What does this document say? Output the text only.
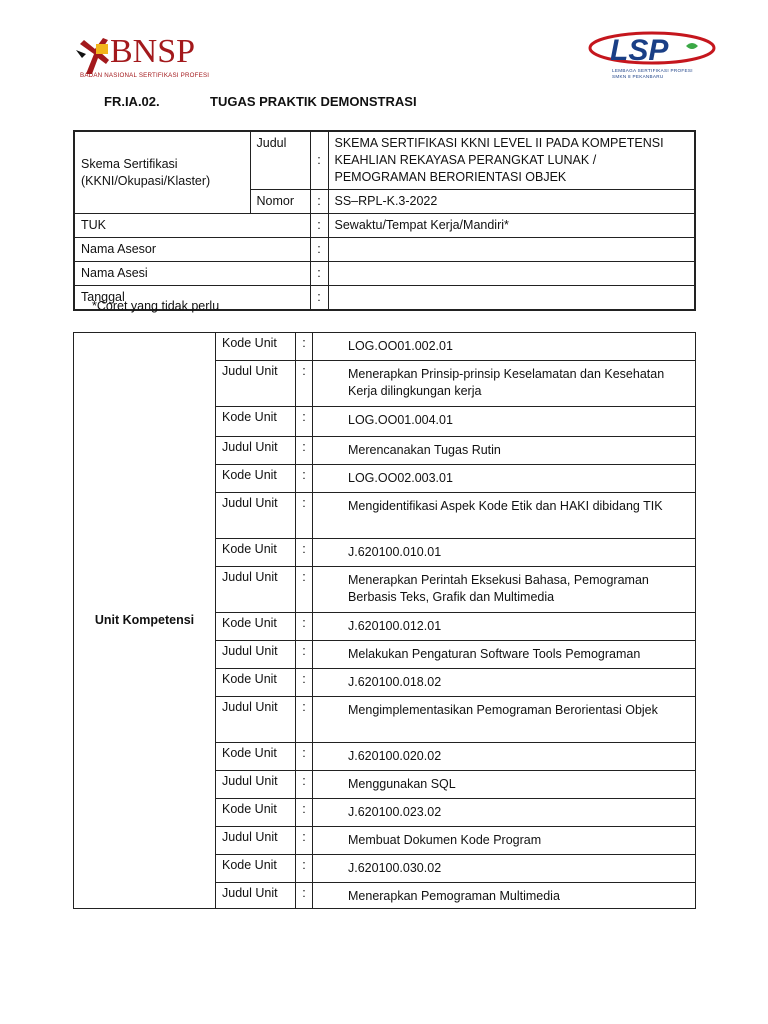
BNSP
BADAN NASIONAL SERTIFIKASI PROFESI
LSP
LEMBAGA SERTIFIKASI PROFESI
SMKN 8 PEKANBARU
FR.IA.02.	TUGAS PRAKTIK DEMONSTRASI
Skema Sertifikasi (KKNI/Okupasi/Klaster)	Judul	:	SKEMA SERTIFIKASI KKNI LEVEL II PADA KOMPETENSI KEAHLIAN REKAYASA PERANGKAT LUNAK / PEMOGRAMAN BERORIENTASI OBJEK
	Nomor	:	SS–RPL-K.3-2022
TUK		:	Sewaktu/Tempat Kerja/Mandiri*
Nama Asesor		:	
Nama Asesi		:	
Tanggal		:	
*Coret yang tidak perlu
Unit Kompetensi	Kode Unit	:	LOG.OO01.002.01
	Judul Unit	:	Menerapkan Prinsip-prinsip Keselamatan dan Kesehatan Kerja dilingkungan kerja
	Kode Unit	:	LOG.OO01.004.01
	Judul Unit	:	Merencanakan Tugas Rutin
	Kode Unit	:	LOG.OO02.003.01
	Judul Unit	:	Mengidentifikasi Aspek Kode Etik dan HAKI dibidang TIK
	Kode Unit	:	J.620100.010.01
	Judul Unit	:	Menerapkan Perintah Eksekusi Bahasa, Pemograman Berbasis Teks, Grafik dan Multimedia
	Kode Unit	:	J.620100.012.01
	Judul Unit	:	Melakukan Pengaturan Software Tools Pemograman
	Kode Unit	:	J.620100.018.02
	Judul Unit	:	Mengimplementasikan Pemograman Berorientasi Objek
	Kode Unit	:	J.620100.020.02
	Judul Unit	:	Menggunakan SQL
	Kode Unit	:	J.620100.023.02
	Judul Unit	:	Membuat Dokumen Kode Program
	Kode Unit	:	J.620100.030.02
	Judul Unit	:	Menerapkan Pemograman Multimedia
